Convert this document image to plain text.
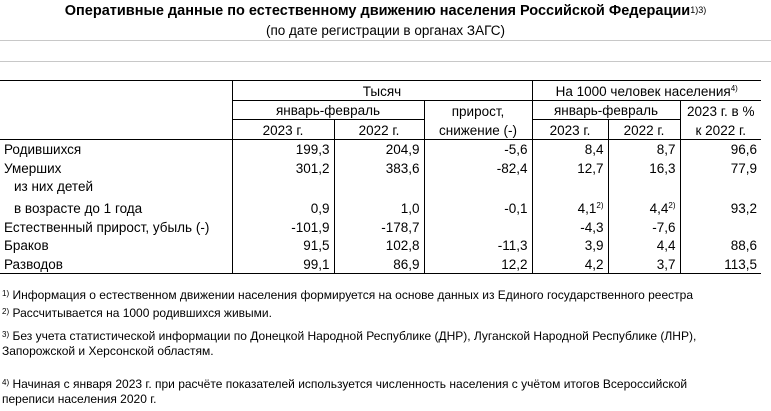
Оперативные данные по естественному движению населения Российской Федерации$^{1)3)}$
(по дате регистрации в органах ЗАГС)
	Тысяч			На 1000 человек населения$^{4)}$
	январь-февраль		прирост,	январь-февраль		2023 г. в %
	2023 г.	2022 г.	снижение (-)	2023 г.	2022 г.	к 2022 г.
Родившихся	199,3	204,9	-5,6	8,4	8,7	96,6
Умерших	301,2	383,6	-82,4	12,7	16,3	77,9
из них детей						
в возрасте до 1 года	0,9	1,0	-0,1	4,1$^{2)}$	4,4$^{2)}$	93,2
Естественный прирост, убыль (-)	-101,9	-178,7		-4,3	-7,6	
Браков	91,5	102,8	-11,3	3,9	4,4	88,6
Разводов	99,1	86,9	12,2	4,2	3,7	113,5
$^{1)}$ Информация о естественном движении населения формируется на основе данных из Единого государственного реестра
$^{2)}$ Рассчитывается на 1000 родившихся живыми.
$^{3)}$ Без учета статистической информации по Донецкой Народной Республике (ДНР), Луганской Народной Республике (ЛНР),
Запорожской и Херсонской областям.
$^{4)}$ Начиная с января 2023 г. при расчёте показателей используется численность населения с учётом итогов Всероссийской
переписи населения 2020 г.
